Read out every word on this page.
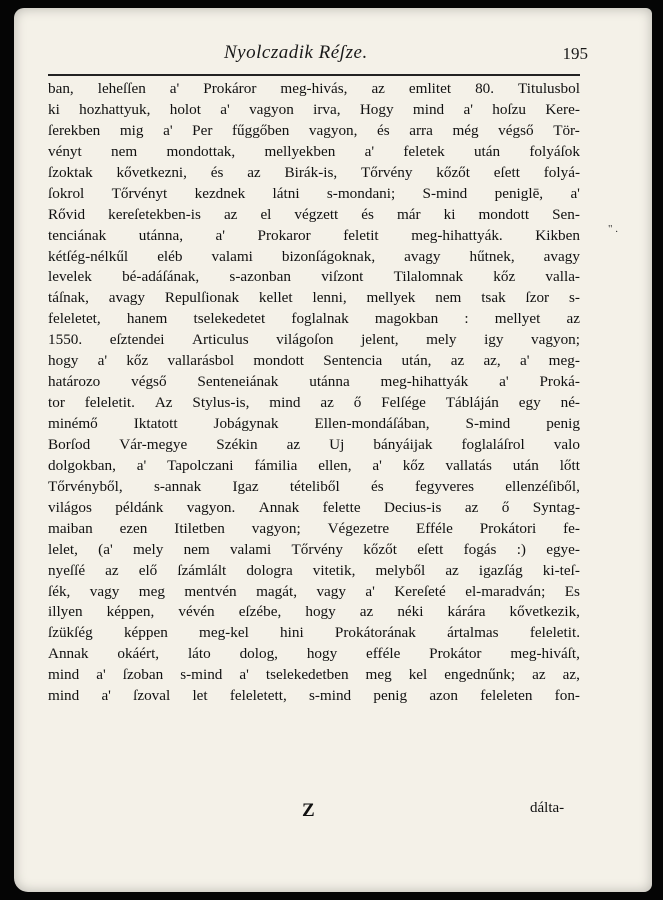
Nyolczadik Réʃze.	195
ban, leheſſen a' Prokáror meg-hivás, az emlitet 80. Titulusbol
ki hozhattyuk, holot a' vagyon irva, Hogy mind a' hoſzu Kere-
ſerekben mig a' Per fűggőben vagyon, és arra még végső Tör-
vényt nem mondottak, mellyekben a' feletek után folyáſok
ſzoktak kővetkezni, és az Birák-is, Tőrvény kőzőt eſett folyá-
ſokrol Tőrvényt kezdnek látni s-mondani; S-mind peniglē, a'
Rővid kereſetekben-is az el végzett és már ki mondott Sen-
tenciának utánna, a' Prokaror feletit meg-hihattyák. Kikben
kétſég-nélkűl eléb valami bizonſágoknak, avagy hűtnek, avagy
levelek bé-adáſának, s-azonban viſzont Tilalomnak kőz valla-
táſnak, avagy Repulſionak kellet lenni, mellyek nem tsak ſzor s-
feleletet, hanem tselekedetet foglalnak magokban : mellyet az
1550. eſztendei Articulus világoſon jelent, mely igy vagyon;
hogy a' kőz vallarásbol mondott Sentencia után, az az, a' meg-
határozo végső Senteneiának utánna meg-hihattyák a' Proká-
tor feleletit. Az Stylus-is, mind az ő Felſége Tábláján egy né-
minémő Iktatott Jobágynak Ellen-mondáſában, S-mind penig
Borſod Vár-megye Székin az Uj bányáijak foglaláſrol valo
dolgokban, a' Tapolczani fámilia ellen, a' kőz vallatás után lőtt
Tőrvényből, s-annak Igaz tételiből és fegyveres ellenzéſiből,
világos példánk vagyon. Annak felette Decius-is az ő Syntag-
maiban ezen Itiletben vagyon; Végezetre Efféle Prokátori fe-
lelet, (a' mely nem valami Tőrvény kőzőt eſett fogás :) egye-
nyeſſé az elő ſzámlált dologra vitetik, melyből az igazſág ki-teſ-
ſék, vagy meg mentvén magát, vagy a' Kereſeté el-maradván; Es
illyen képpen, vévén eſzébe, hogy az néki kárára kővetkezik,
ſzükſég képpen meg-kel hini Prokátorának ártalmas feleletit.
Annak okáért, láto dolog, hogy efféle Prokátor meg-hiváſt,
mind a' ſzoban s-mind a' tselekedetben meg kel engednűnk; az az,
mind a' ſzoval let feleletett, s-mind penig azon feleleten fon-
Z	dálta-
" .
